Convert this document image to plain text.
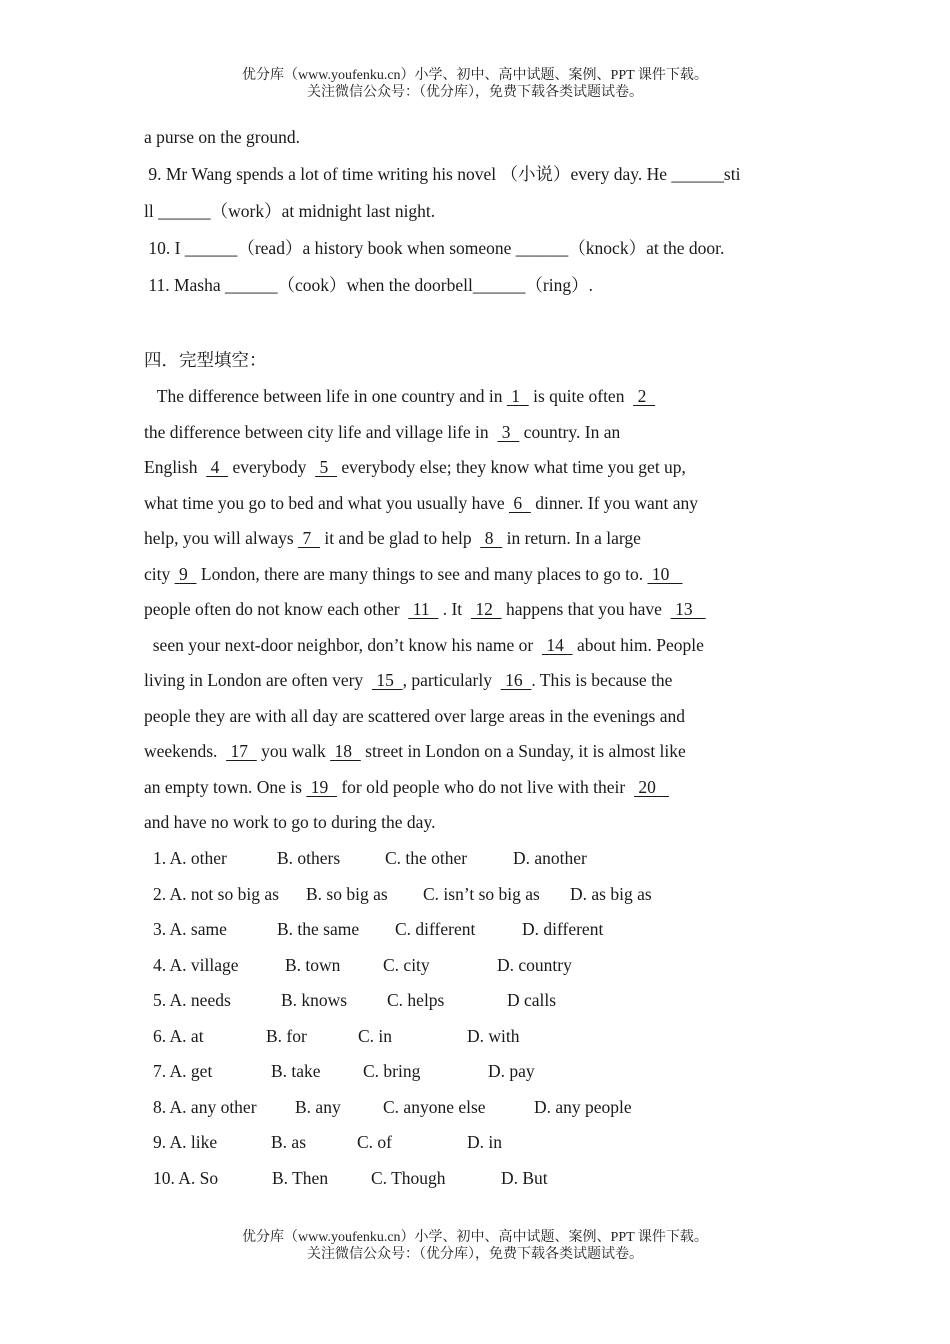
优分库（www.youfenku.cn）小学、初中、高中试题、案例、PPT 课件下载。
关注微信公众号：（优分库），免费下载各类试题试卷。
a purse on the ground.
9. Mr Wang spends a lot of time writing his novel （小说）every day. He ______sti
ll ______（work）at midnight last night.
10. I ______（read）a history book when someone ______（knock）at the door.
11. Masha ______（cook）when the doorbell______（ring）.
四．完型填空：
The difference between life in one country and in  1   is quite often   2
the difference between city life and village life in   3   country. In an
English   4   everybody   5   everybody else; they know what time you get up,
what time you go to bed and what you usually have  6   dinner. If you want any
help, you will always  7   it and be glad to help   8   in return. In a large
city  9   London, there are many things to see and many places to go to.  10
people often do not know each other   11   . It   12   happens that you have   13
seen your next-door neighbor, don’t know his name or   14   about him. People
living in London are often very   15  , particularly   16  . This is because the
people they are with all day are scattered over large areas in the evenings and
weekends.   17   you walk  18   street in London on a Sunday, it is almost like
an empty town. One is  19   for old people who do not live with their   20
and have no work to go to during the day.
1. A. other	B. others	C. the other	D. another
2. A. not so big as B. so big as C. isn’t so big as D. as big as
3. A. same	B. the same C. different	D. different
4. A. village	B. town C. city	D. country
5. A. needs	B. knows C. helps	D calls
6. A. at	B. for	C. in	D. with
7. A. get	B. take C. bring	D. pay
8. A. any other B. any C. anyone else	D. any people
9. A. like	B. as	C. of	D. in
10. A. So	B. Then C. Though	D. But
优分库（www.youfenku.cn）小学、初中、高中试题、案例、PPT 课件下载。
关注微信公众号：（优分库），免费下载各类试题试卷。
